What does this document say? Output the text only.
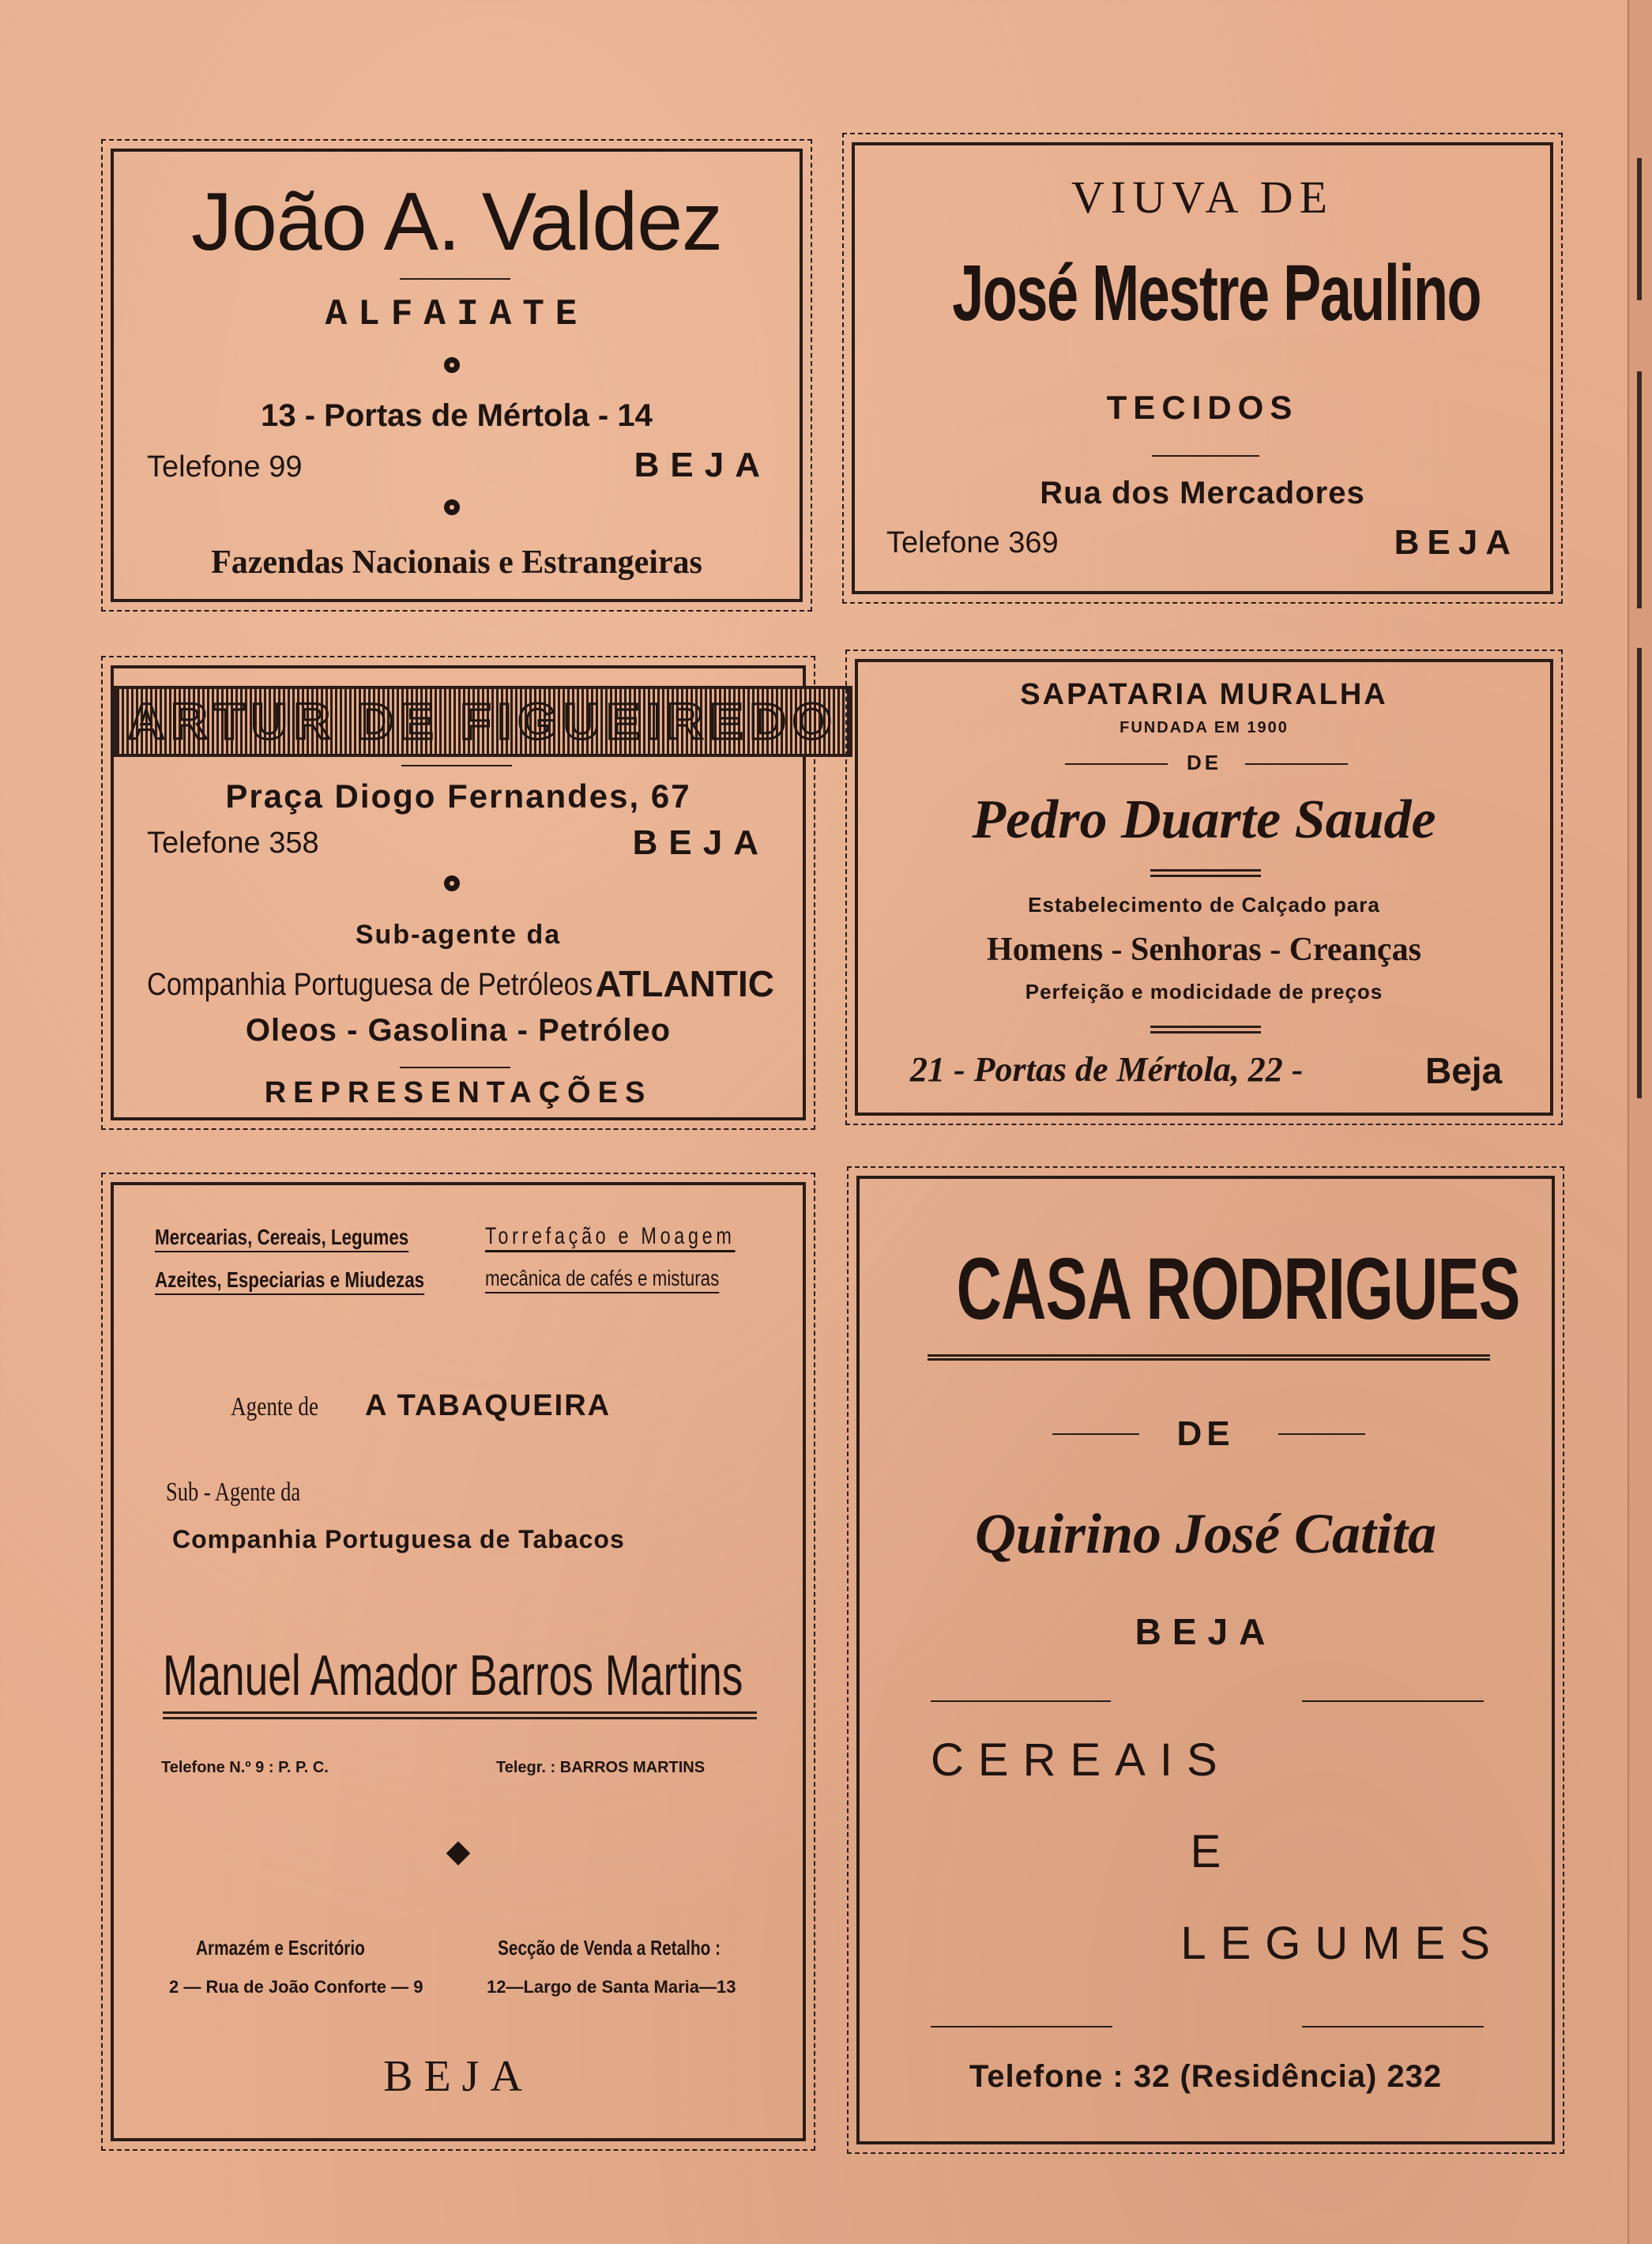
João A. Valdez
ALFAIATE
13 - Portas de Mértola - 14
Telefone 99	BEJA
Fazendas Nacionais e Estrangeiras
VIUVA DE
José Mestre Paulino
TECIDOS
Rua dos Mercadores
Telefone 369	BEJA
ARTUR DE FIGUEIREDO
Praça Diogo Fernandes, 67
Telefone 358	BEJA
Sub-agente da
Companhia Portuguesa de Petróleos ATLANTIC
Oleos - Gasolina - Petróleo
REPRESENTAÇÕES
SAPATARIA MURALHA
FUNDADA EM 1900
DE
Pedro Duarte Saude
Estabelecimento de Calçado para
Homens - Senhoras - Creanças
Perfeição e modicidade de preços
21 - Portas de Mértola, 22 -	Beja
Mercearias, Cereais, Legumes
Azeites, Especiarias e Miudezas
Torrefação e Moagem
mecânica de cafés e misturas
Agente de A TABAQUEIRA
Sub - Agente da
Companhia Portuguesa de Tabacos
Manuel Amador Barros Martins
Telefone N.º 9 : P. P. C.	Telegr. : BARROS MARTINS
◆
Armazém e Escritório
2 — Rua de João Conforte — 9
Secção de Venda a Retalho :
12—Largo de Santa Maria—13
BEJA
CASA RODRIGUES
DE
Quirino José Catita
BEJA
CEREAIS
E
LEGUMES
Telefone : 32 (Residência) 232
